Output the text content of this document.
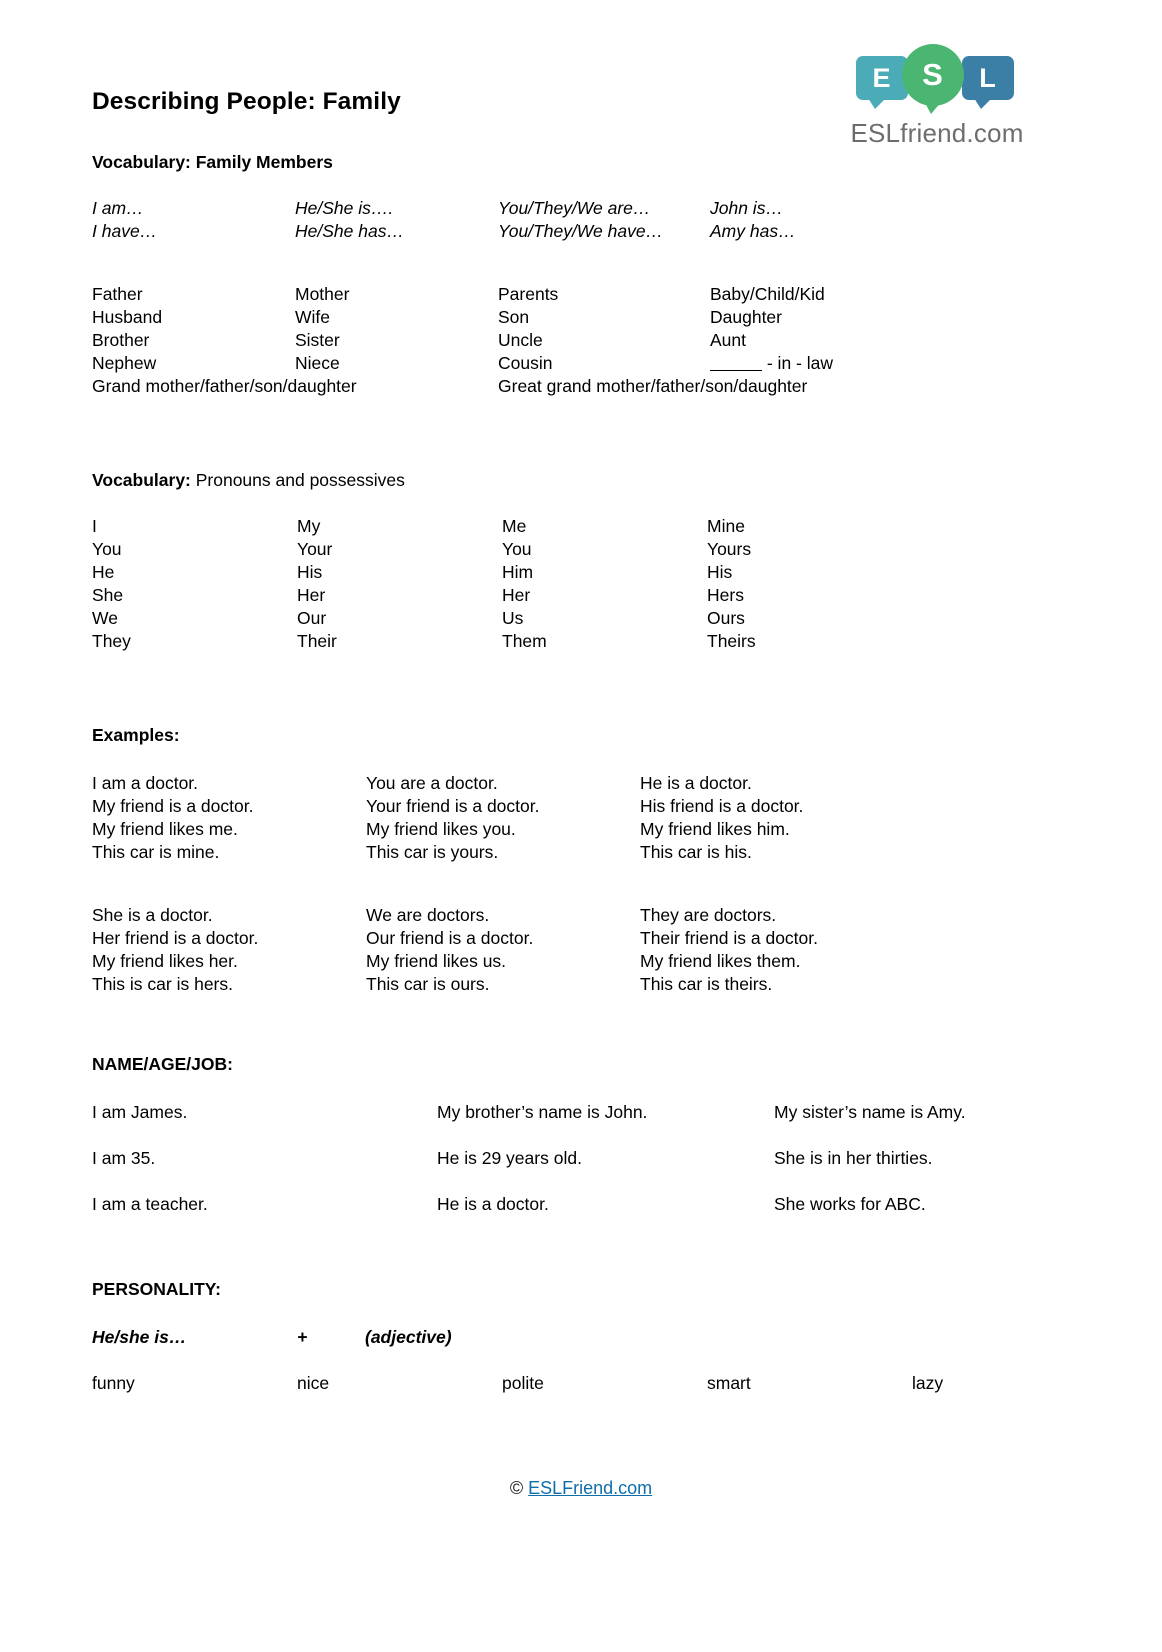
E	L
S
ESLfriend.com
Describing People: Family

Vocabulary: Family Members

I am…	He/She is….	You/They/We are…	John is…
I have…	He/She has…	You/They/We have…	Amy has…
Father	Mother	Parents	Baby/Child/Kid
Husband	Wife	Son	Daughter
Brother	Sister	Uncle	Aunt
Nephew	Niece	Cousin	- in - law
Grand mother/father/son/daughter	Great grand mother/father/son/daughter

Vocabulary: Pronouns and possessives

I	My	Me	Mine
You	Your	You	Yours
He	His	Him	His
She	Her	Her	Hers
We	Our	Us	Ours
They	Their	Them	Theirs

Examples:

I am a doctor.	You are a doctor.	He is a doctor.
My friend is a doctor.	Your friend is a doctor.	His friend is a doctor.
My friend likes me.	My friend likes you.	My friend likes him.
This car is mine.	This car is yours.	This car is his.
She is a doctor.	We are doctors.	They are doctors.
Her friend is a doctor.	Our friend is a doctor.	Their friend is a doctor.
My friend likes her.	My friend likes us.	My friend likes them.
This is car is hers.	This car is ours.	This car is theirs.

NAME/AGE/JOB:

I am James.	My brother’s name is John.	My sister’s name is Amy.
I am 35.	He is 29 years old.	She is in her thirties.
I am a teacher.	He is a doctor.	She works for ABC.

PERSONALITY:

He/she is…	+	(adjective)
funny	nice	polite	smart	lazy
© ESLFriend.com
